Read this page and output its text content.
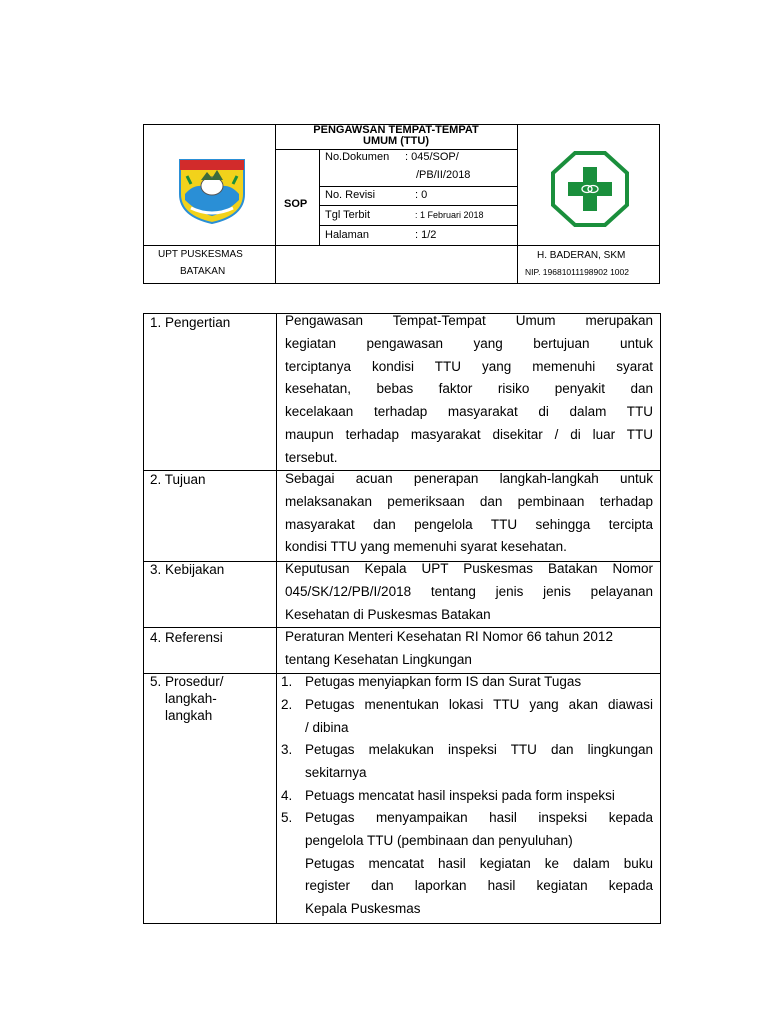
PENGAWSAN TEMPAT-TEMPAT
UMUM (TTU)
SOP
No.Dokumen : 045/SOP/
/PB/II/2018
No. Revisi	: 0
Tgl Terbit	: 1 Februari 2018
Halaman	: 1/2
UPT PUSKESMAS
BATAKAN
H. BADERAN, SKM
NIP. 19681011198902 1002
TANAH LAUT
1. Pengertian	Pengawasan Tempat-Tempat Umum merupakan
kegiatan pengawasan yang bertujuan untuk
terciptanya kondisi TTU yang memenuhi syarat
kesehatan, bebas faktor risiko penyakit dan
kecelakaan terhadap masyarakat di dalam TTU
maupun terhadap masyarakat disekitar / di luar TTU
tersebut.
2. Tujuan	Sebagai acuan penerapan langkah-langkah untuk
melaksanakan pemeriksaan dan pembinaan terhadap
masyarakat dan pengelola TTU sehingga tercipta
kondisi TTU yang memenuhi syarat kesehatan.
3. Kebijakan	Keputusan Kepala UPT Puskesmas Batakan Nomor
045/SK/12/PB/I/2018 tentang jenis jenis pelayanan
Kesehatan di Puskesmas Batakan
4. Referensi	Peraturan Menteri Kesehatan RI Nomor 66 tahun 2012
tentang Kesehatan Lingkungan
5. Prosedur/
langkah-
langkah
1. Petugas menyiapkan form IS dan Surat Tugas
2. Petugas menentukan lokasi TTU yang akan diawasi
/ dibina
3. Petugas melakukan inspeksi TTU dan lingkungan
sekitarnya
4. Petuags mencatat hasil inspeksi pada form inspeksi
5. Petugas menyampaikan hasil inspeksi kepada
pengelola TTU (pembinaan dan penyuluhan)
Petugas mencatat hasil kegiatan ke dalam buku
register dan laporkan hasil kegiatan kepada
Kepala Puskesmas
